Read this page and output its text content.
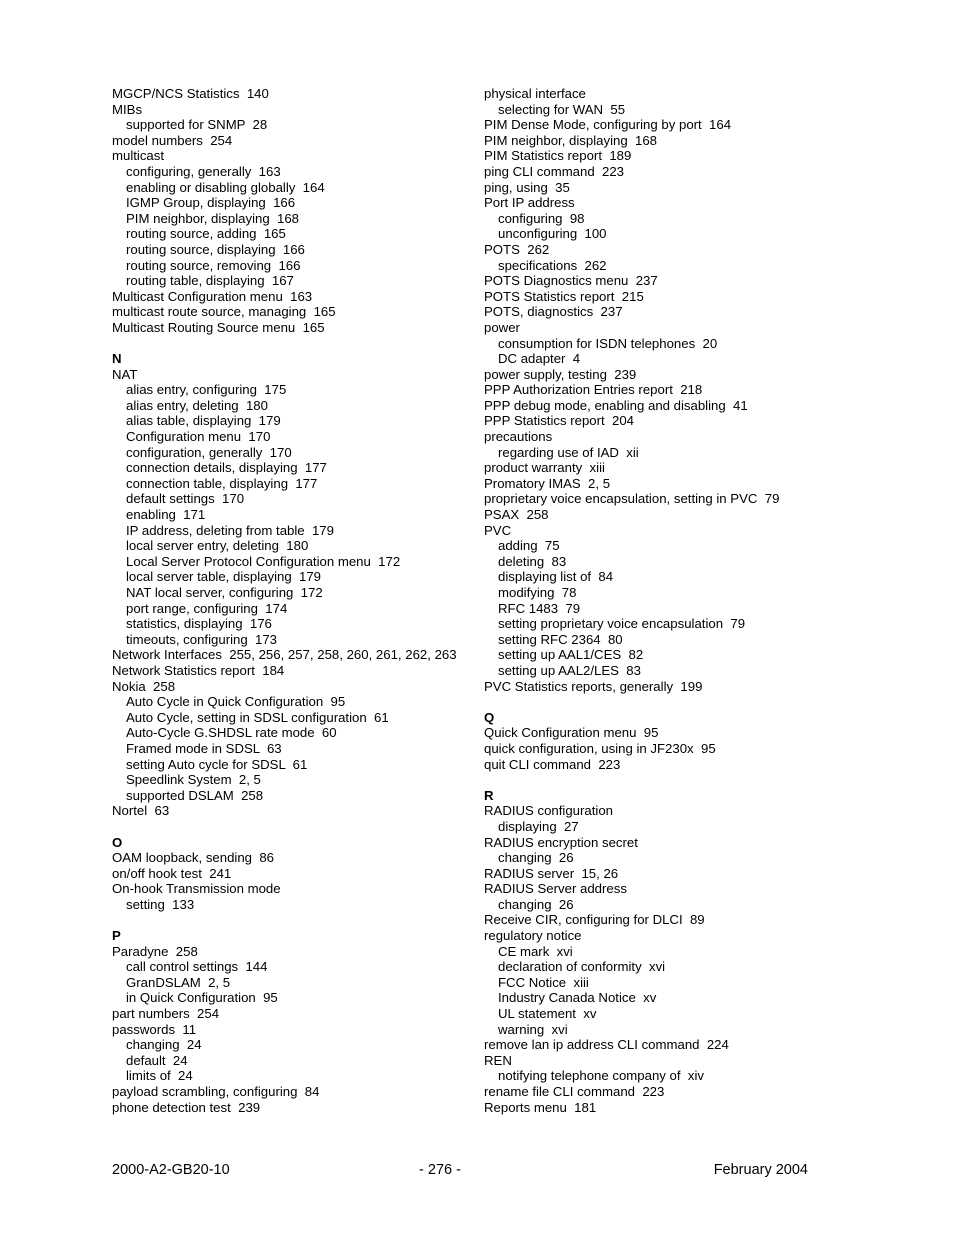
MGCP/NCS Statistics  140
MIBs
supported for SNMP  28
model numbers  254
multicast
configuring, generally  163
enabling or disabling globally  164
IGMP Group, displaying  166
PIM neighbor, displaying  168
routing source, adding  165
routing source, displaying  166
routing source, removing  166
routing table, displaying  167
Multicast Configuration menu  163
multicast route source, managing  165
Multicast Routing Source menu  165
N
NAT
alias entry, configuring  175
alias entry, deleting  180
alias table, displaying  179
Configuration menu  170
configuration, generally  170
connection details, displaying  177
connection table, displaying  177
default settings  170
enabling  171
IP address, deleting from table  179
local server entry, deleting  180
Local Server Protocol Configuration menu  172
local server table, displaying  179
NAT local server, configuring  172
port range, configuring  174
statistics, displaying  176
timeouts, configuring  173
Network Interfaces  255, 256, 257, 258, 260, 261, 262, 263
Network Statistics report  184
Nokia  258
Auto Cycle in Quick Configuration  95
Auto Cycle, setting in SDSL configuration  61
Auto-Cycle G.SHDSL rate mode  60
Framed mode in SDSL  63
setting Auto cycle for SDSL  61
Speedlink System  2, 5
supported DSLAM  258
Nortel  63
O
OAM loopback, sending  86
on/off hook test  241
On-hook Transmission mode
setting  133
P
Paradyne  258
call control settings  144
GranDSLAM  2, 5
in Quick Configuration  95
part numbers  254
passwords  11
changing  24
default  24
limits of  24
payload scrambling, configuring  84
phone detection test  239
physical interface
selecting for WAN  55
PIM Dense Mode, configuring by port  164
PIM neighbor, displaying  168
PIM Statistics report  189
ping CLI command  223
ping, using  35
Port IP address
configuring  98
unconfiguring  100
POTS  262
specifications  262
POTS Diagnostics menu  237
POTS Statistics report  215
POTS, diagnostics  237
power
consumption for ISDN telephones  20
DC adapter  4
power supply, testing  239
PPP Authorization Entries report  218
PPP debug mode, enabling and disabling  41
PPP Statistics report  204
precautions
regarding use of IAD  xii
product warranty  xiii
Promatory IMAS  2, 5
proprietary voice encapsulation, setting in PVC  79
PSAX  258
PVC
adding  75
deleting  83
displaying list of  84
modifying  78
RFC 1483  79
setting proprietary voice encapsulation  79
setting RFC 2364  80
setting up AAL1/CES  82
setting up AAL2/LES  83
PVC Statistics reports, generally  199
Q
Quick Configuration menu  95
quick configuration, using in JF230x  95
quit CLI command  223
R
RADIUS configuration
displaying  27
RADIUS encryption secret
changing  26
RADIUS server  15, 26
RADIUS Server address
changing  26
Receive CIR, configuring for DLCI  89
regulatory notice
CE mark  xvi
declaration of conformity  xvi
FCC Notice  xiii
Industry Canada Notice  xv
UL statement  xv
warning  xvi
remove lan ip address CLI command  224
REN
notifying telephone company of  xiv
rename file CLI command  223
Reports menu  181
2000-A2-GB20-10	- 276 -	February 2004
